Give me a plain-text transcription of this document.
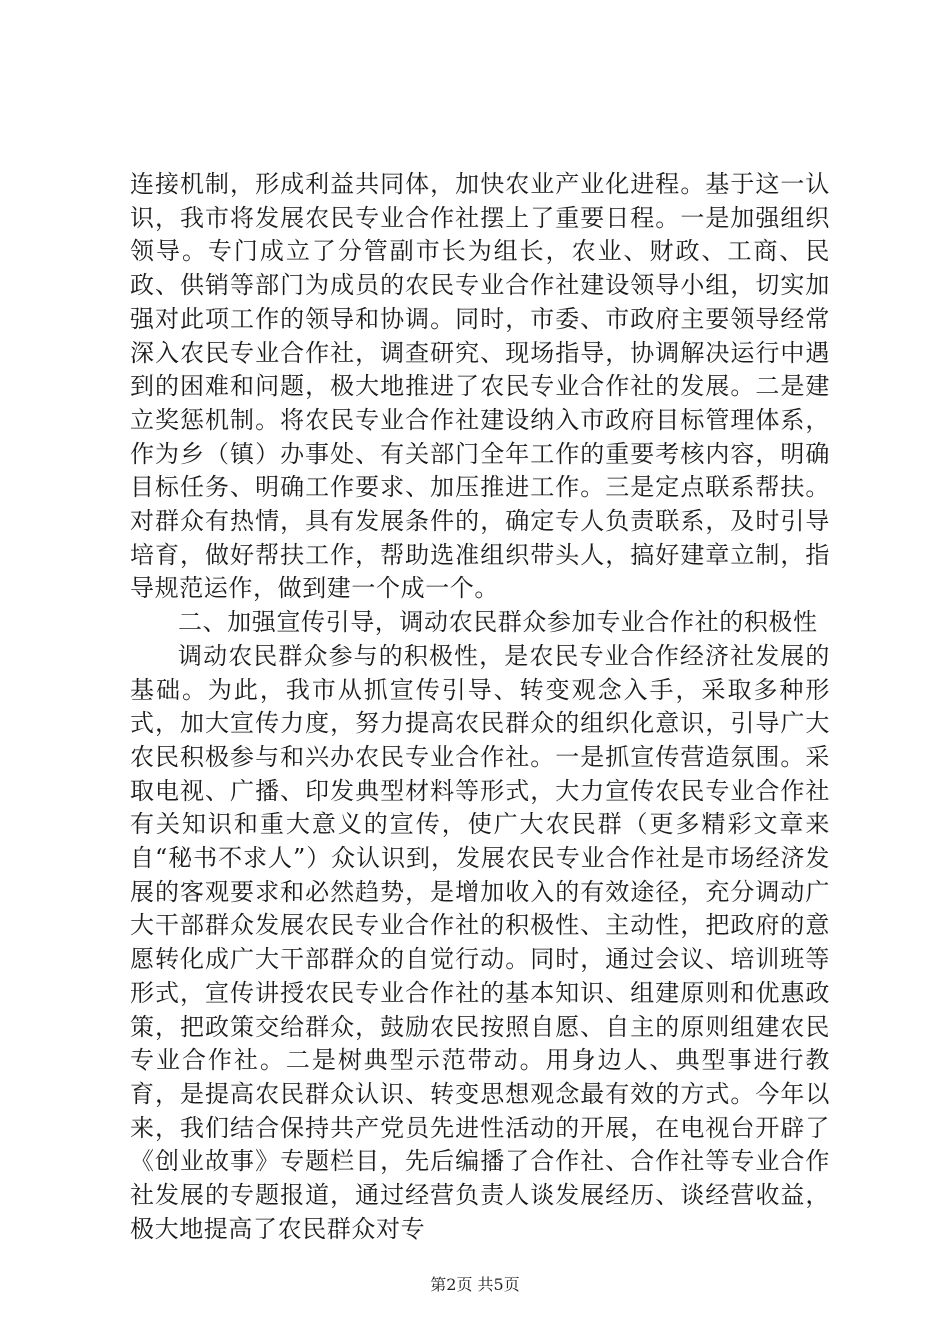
连接机制，形成利益共同体，加快农业产业化进程。基于这一认识，我市将发展农民专业合作社摆上了重要日程。一是加强组织领导。专门成立了分管副市长为组长，农业、财政、工商、民政、供销等部门为成员的农民专业合作社建设领导小组，切实加强对此项工作的领导和协调。同时，市委、市政府主要领导经常深入农民专业合作社，调查研究、现场指导，协调解决运行中遇到的困难和问题，极大地推进了农民专业合作社的发展。二是建立奖惩机制。将农民专业合作社建设纳入市政府目标管理体系，作为乡（镇）办事处、有关部门全年工作的重要考核内容，明确目标任务、明确工作要求、加压推进工作。三是定点联系帮扶。对群众有热情，具有发展条件的，确定专人负责联系，及时引导培育，做好帮扶工作，帮助选准组织带头人，搞好建章立制，指导规范运作，做到建一个成一个。

二、加强宣传引导，调动农民群众参加专业合作社的积极性

调动农民群众参与的积极性，是农民专业合作经济社发展的基础。为此，我市从抓宣传引导、转变观念入手，采取多种形式，加大宣传力度，努力提高农民群众的组织化意识，引导广大农民积极参与和兴办农民专业合作社。一是抓宣传营造氛围。采取电视、广播、印发典型材料等形式，大力宣传农民专业合作社有关知识和重大意义的宣传，使广大农民群（更多精彩文章来自“秘书不求人”）众认识到，发展农民专业合作社是市场经济发展的客观要求和必然趋势，是增加收入的有效途径，充分调动广大干部群众发展农民专业合作社的积极性、主动性，把政府的意愿转化成广大干部群众的自觉行动。同时，通过会议、培训班等形式，宣传讲授农民专业合作社的基本知识、组建原则和优惠政策，把政策交给群众，鼓励农民按照自愿、自主的原则组建农民专业合作社。二是树典型示范带动。用身边人、典型事进行教育，是提高农民群众认识、转变思想观念最有效的方式。今年以来，我们结合保持共产党员先进性活动的开展，在电视台开辟了《创业故事》专题栏目，先后编播了合作社、合作社等专业合作社发展的专题报道，通过经营负责人谈发展经历、谈经营收益，极大地提高了农民群众对专

第2页 共5页
